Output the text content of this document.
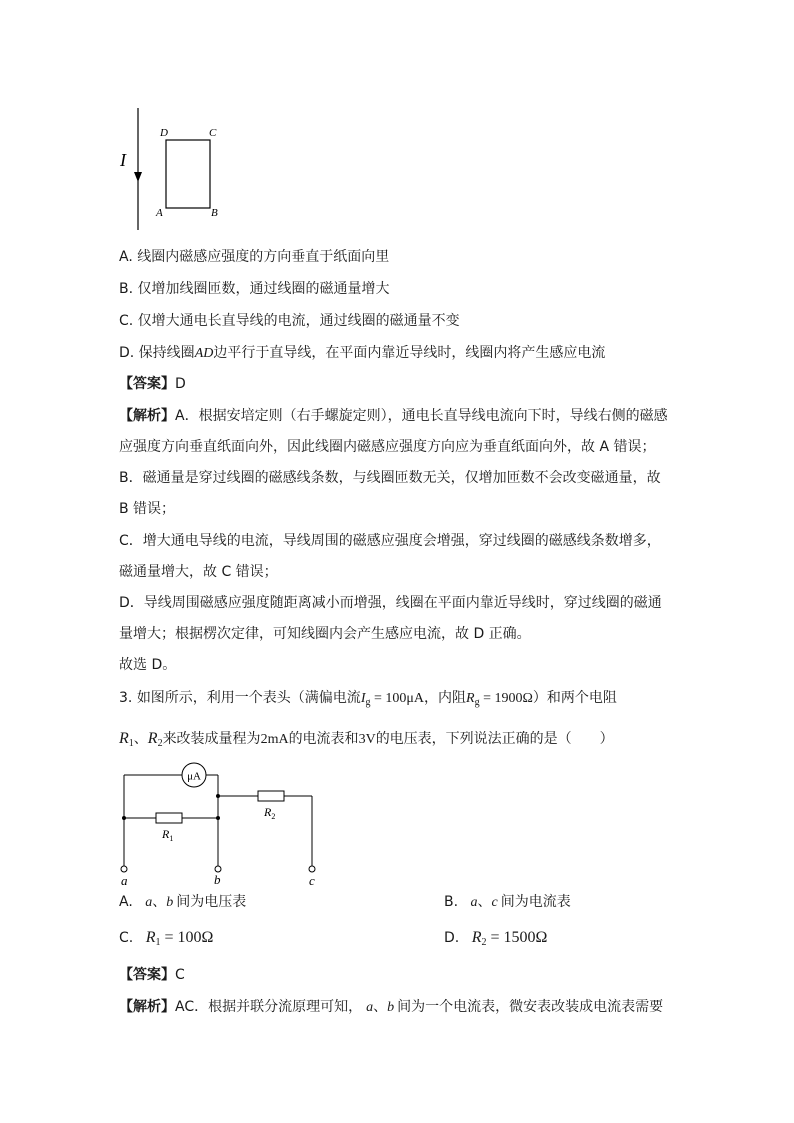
I
D	C
A	B
A. 线圈内磁感应强度的方向垂直于纸面向里
B. 仅增加线圈匝数，通过线圈的磁通量增大
C. 仅增大通电长直导线的电流，通过线圈的磁通量不变
D. 保持线圈AD边平行于直导线，在平面内靠近导线时，线圈内将产生感应电流
【答案】D
【解析】A．根据安培定则（右手螺旋定则），通电长直导线电流向下时，导线右侧的磁感
应强度方向垂直纸面向外，因此线圈内磁感应强度方向应为垂直纸面向外，故 A 错误；
B．磁通量是穿过线圈的磁感线条数，与线圈匝数无关，仅增加匝数不会改变磁通量，故
B 错误；
C．增大通电导线的电流，导线周围的磁感应强度会增强，穿过线圈的磁感线条数增多，
磁通量增大，故 C 错误；
D．导线周围磁感应强度随距离减小而增强，线圈在平面内靠近导线时，穿过线圈的磁通
量增大；根据楞次定律，可知线圈内会产生感应电流，故 D 正确。
故选 D。
3. 如图所示，利用一个表头（满偏电流$I_g = 100\mu A$，内阻$R_g = 1900\Omega$）和两个电阻
$R_1$、$R_2$来改装成量程为2mA的电流表和3V的电压表，下列说法正确的是（　　）
μA
$R_1$
$R_2$
a	b	c
A. a、b 间为电压表	B. a、c 间为电流表
C. $R_1 = 100\Omega$	D. $R_2 = 1500\Omega$
【答案】C
【解析】AC．根据并联分流原理可知， a、b 间为一个电流表，微安表改装成电流表需要
